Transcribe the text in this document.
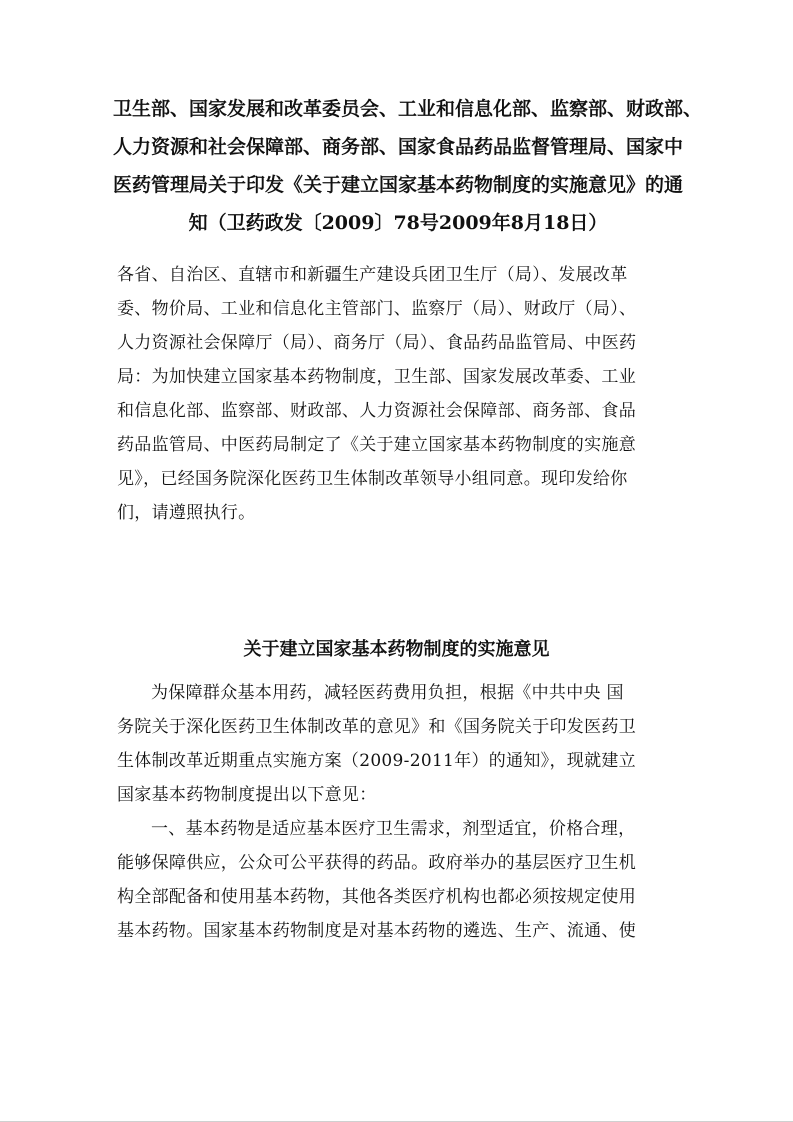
卫生部、国家发展和改革委员会、工业和信息化部、监察部、财政部、
人力资源和社会保障部、商务部、国家食品药品监督管理局、国家中
医药管理局关于印发《关于建立国家基本药物制度的实施意见》的通
知（卫药政发〔2009〕78号2009年8月18日）
各省、自治区、直辖市和新疆生产建设兵团卫生厅（局）、发展改革
委、物价局、工业和信息化主管部门、监察厅（局）、财政厅（局）、
人力资源社会保障厅（局）、商务厅（局）、食品药品监管局、中医药
局：为加快建立国家基本药物制度，卫生部、国家发展改革委、工业
和信息化部、监察部、财政部、人力资源社会保障部、商务部、食品
药品监管局、中医药局制定了《关于建立国家基本药物制度的实施意
见》，已经国务院深化医药卫生体制改革领导小组同意。现印发给你
们，请遵照执行。
关于建立国家基本药物制度的实施意见
为保障群众基本用药，减轻医药费用负担，根据《中共中央 国
务院关于深化医药卫生体制改革的意见》和《国务院关于印发医药卫
生体制改革近期重点实施方案（2009-2011年）的通知》，现就建立
国家基本药物制度提出以下意见：
一、基本药物是适应基本医疗卫生需求，剂型适宜，价格合理，
能够保障供应，公众可公平获得的药品。政府举办的基层医疗卫生机
构全部配备和使用基本药物，其他各类医疗机构也都必须按规定使用
基本药物。国家基本药物制度是对基本药物的遴选、生产、流通、使
